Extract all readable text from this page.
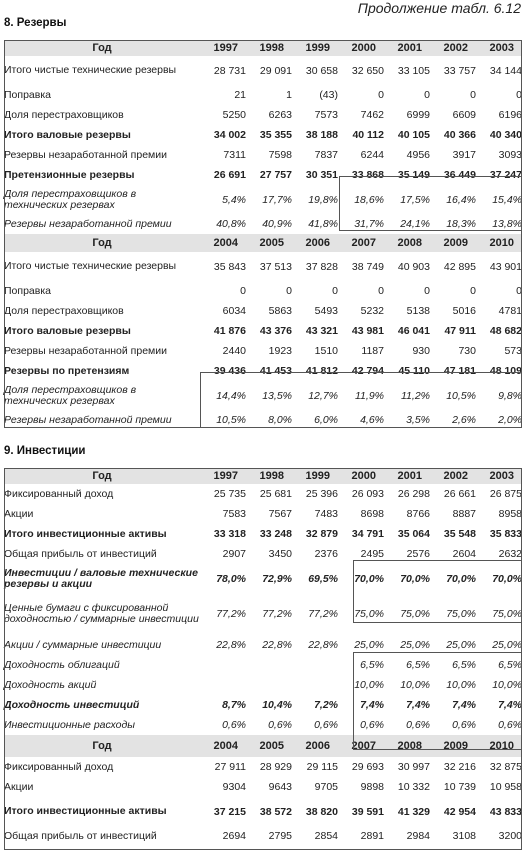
Продолжение табл. 6.12
8. Резервы
Год	1997	1998	1999	2000	2001	2002	2003
Итого чистые технические резервы	28 731	29 091	30 658	32 650	33 105	33 757	34 144
Поправка	21	1	(43)	0	0	0	0
Доля перестраховщиков	5250	6263	7573	7462	6999	6609	6196
Итого валовые резервы	34 002	35 355	38 188	40 112	40 105	40 366	40 340
Резервы незаработанной премии	7311	7598	7837	6244	4956	3917	3093
Претензионные резервы	26 691	27 757	30 351	33 868	35 149	36 449	37 247
Доля перестраховщиков в технических резервах	5,4%	17,7%	19,8%	18,6%	17,5%	16,4%	15,4%
Резервы незаработанной премии	40,8%	40,9%	41,8%	31,7%	24,1%	18,3%	13,8%
Год	2004	2005	2006	2007	2008	2009	2010
Итого чистые технические резервы	35 843	37 513	37 828	38 749	40 903	42 895	43 901
Поправка	0	0	0	0	0	0	0
Доля перестраховщиков	6034	5863	5493	5232	5138	5016	4781
Итого валовые резервы	41 876	43 376	43 321	43 981	46 041	47 911	48 682
Резервы незаработанной премии	2440	1923	1510	1187	930	730	573
Резервы по претензиям	39 436	41 453	41 812	42 794	45 110	47 181	48 109
Доля перестраховщиков в технических резервах	14,4%	13,5%	12,7%	11,9%	11,2%	10,5%	9,8%
Резервы незаработанной премии	10,5%	8,0%	6,0%	4,6%	3,5%	2,6%	2,0%
9. Инвестиции
Год	1997	1998	1999	2000	2001	2002	2003
Фиксированный доход	25 735	25 681	25 396	26 093	26 298	26 661	26 875
Акции	7583	7567	7483	8698	8766	8887	8958
Итого инвестиционные активы	33 318	33 248	32 879	34 791	35 064	35 548	35 833
Общая прибыль от инвестиций	2907	3450	2376	2495	2576	2604	2632
Инвестиции / валовые технические резервы и акции	78,0%	72,9%	69,5%	70,0%	70,0%	70,0%	70,0%
Ценные бумаги с фиксированной доходностью / суммарные инвестиции	77,2%	77,2%	77,2%	75,0%	75,0%	75,0%	75,0%
Акции / суммарные инвестиции	22,8%	22,8%	22,8%	25,0%	25,0%	25,0%	25,0%
Доходность облигаций				6,5%	6,5%	6,5%	6,5%
Доходность акций				10,0%	10,0%	10,0%	10,0%
Доходность инвестиций	8,7%	10,4%	7,2%	7,4%	7,4%	7,4%	7,4%
Инвестиционные расходы	0,6%	0,6%	0,6%	0,6%	0,6%	0,6%	0,6%
Год	2004	2005	2006	2007	2008	2009	2010
Фиксированный доход	27 911	28 929	29 115	29 693	30 997	32 216	32 875
Акции	9304	9643	9705	9898	10 332	10 739	10 958
Итого инвестиционные активы	37 215	38 572	38 820	39 591	41 329	42 954	43 833
Общая прибыль от инвестиций	2694	2795	2854	2891	2984	3108	3200
